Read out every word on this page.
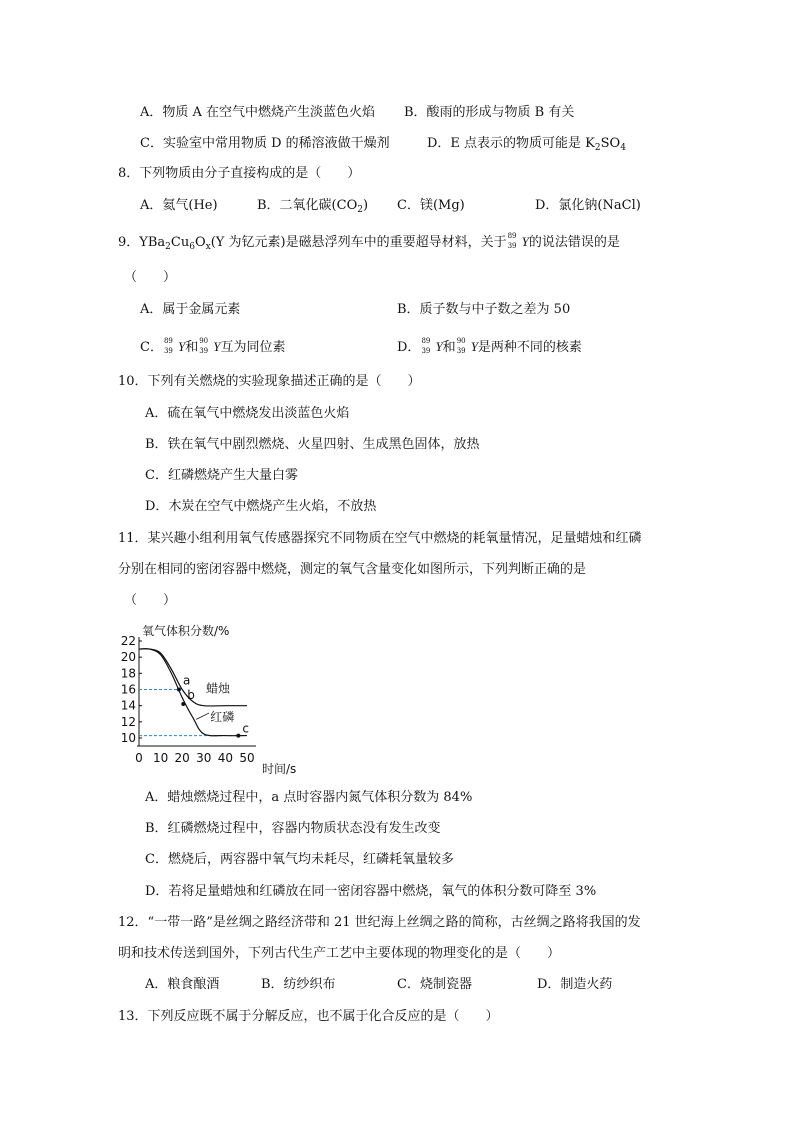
A．物质 A 在空气中燃烧产生淡蓝色火焰 B．酸雨的形成与物质 B 有关
C．实验室中常用物质 D 的稀溶液做干燥剂	D．E 点表示的物质可能是 $K_2SO_4$
8．下列物质由分子直接构成的是（　　）
A．氦气(He)	B．二氧化碳$(CO_2)$ C．镁(Mg)	D．氯化钠(NaCl)
9．$YBa_2Cu_6O_x(Y$ 为钇元素)是磁悬浮列车中的重要超导材料，关于 89
39 Y的说法错误的是
（　　）
A．属于金属元素	B．质子数与中子数之差为 50
C． 89
39 Y和 90
39 Y互为同位素	D． 89
39 Y和 90
39 Y是两种不同的核素
10．下列有关燃烧的实验现象描述正确的是（　　）
A．硫在氧气中燃烧发出淡蓝色火焰
B．铁在氧气中剧烈燃烧、火星四射、生成黑色固体，放热
C．红磷燃烧产生大量白雾
D．木炭在空气中燃烧产生火焰，不放热
11．某兴趣小组利用氧气传感器探究不同物质在空气中燃烧的耗氧量情况，足量蜡烛和红磷
分别在相同的密闭容器中燃烧，测定的氧气含量变化如图所示，下列判断正确的是
（　　）
氧气体积分数/%
时间/s
10
12
14
16
18
20
22
0 10 20 30 40 50
蜡烛
红磷
a
b
c
A．蜡烛燃烧过程中，a 点时容器内氮气体积分数为 84%
B．红磷燃烧过程中，容器内物质状态没有发生改变
C．燃烧后，两容器中氧气均未耗尽，红磷耗氧量较多
D．若将足量蜡烛和红磷放在同一密闭容器中燃烧，氧气的体积分数可降至 3%
12．“一带一路”是丝绸之路经济带和 21 世纪海上丝绸之路的简称，古丝绸之路将我国的发
明和技术传送到国外，下列古代生产工艺中主要体现的物理变化的是（　　）
A．粮食酿酒	B．纺纱织布	C．烧制瓷器	D．制造火药
13．下列反应既不属于分解反应，也不属于化合反应的是（　　）
